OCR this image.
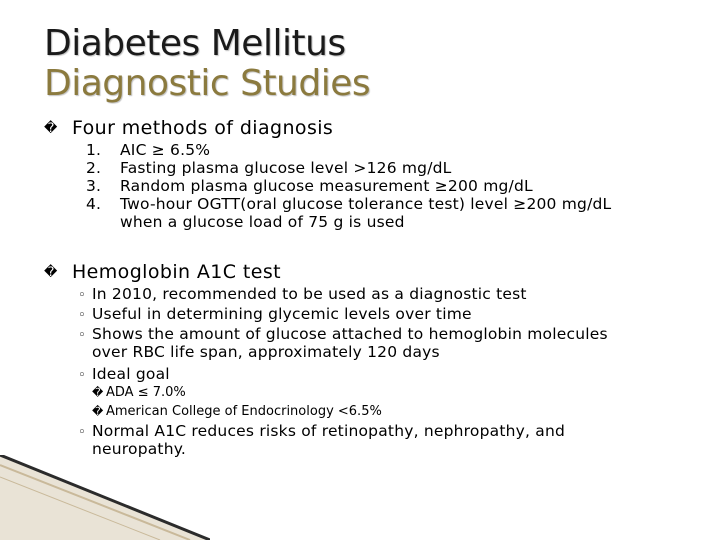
Diabetes Mellitus
Diagnostic Studies
� Four methods of diagnosis
1. AIC ≥ 6.5%
2. Fasting plasma glucose level >126 mg/dL
3. Random plasma glucose measurement ≥200 mg/dL
4. Two-hour OGTT(oral glucose tolerance test) level ≥200 mg/dL
when a glucose load of 75 g is used
� Hemoglobin A1C test
◦ In 2010, recommended to be used as a diagnostic test
◦ Useful in determining glycemic levels over time
◦ Shows the amount of glucose attached to hemoglobin molecules
over RBC life span, approximately 120 days
◦ Ideal goal
� ADA ≤ 7.0%
� American College of Endocrinology <6.5%
◦ Normal A1C reduces risks of retinopathy, nephropathy, and
neuropathy.
